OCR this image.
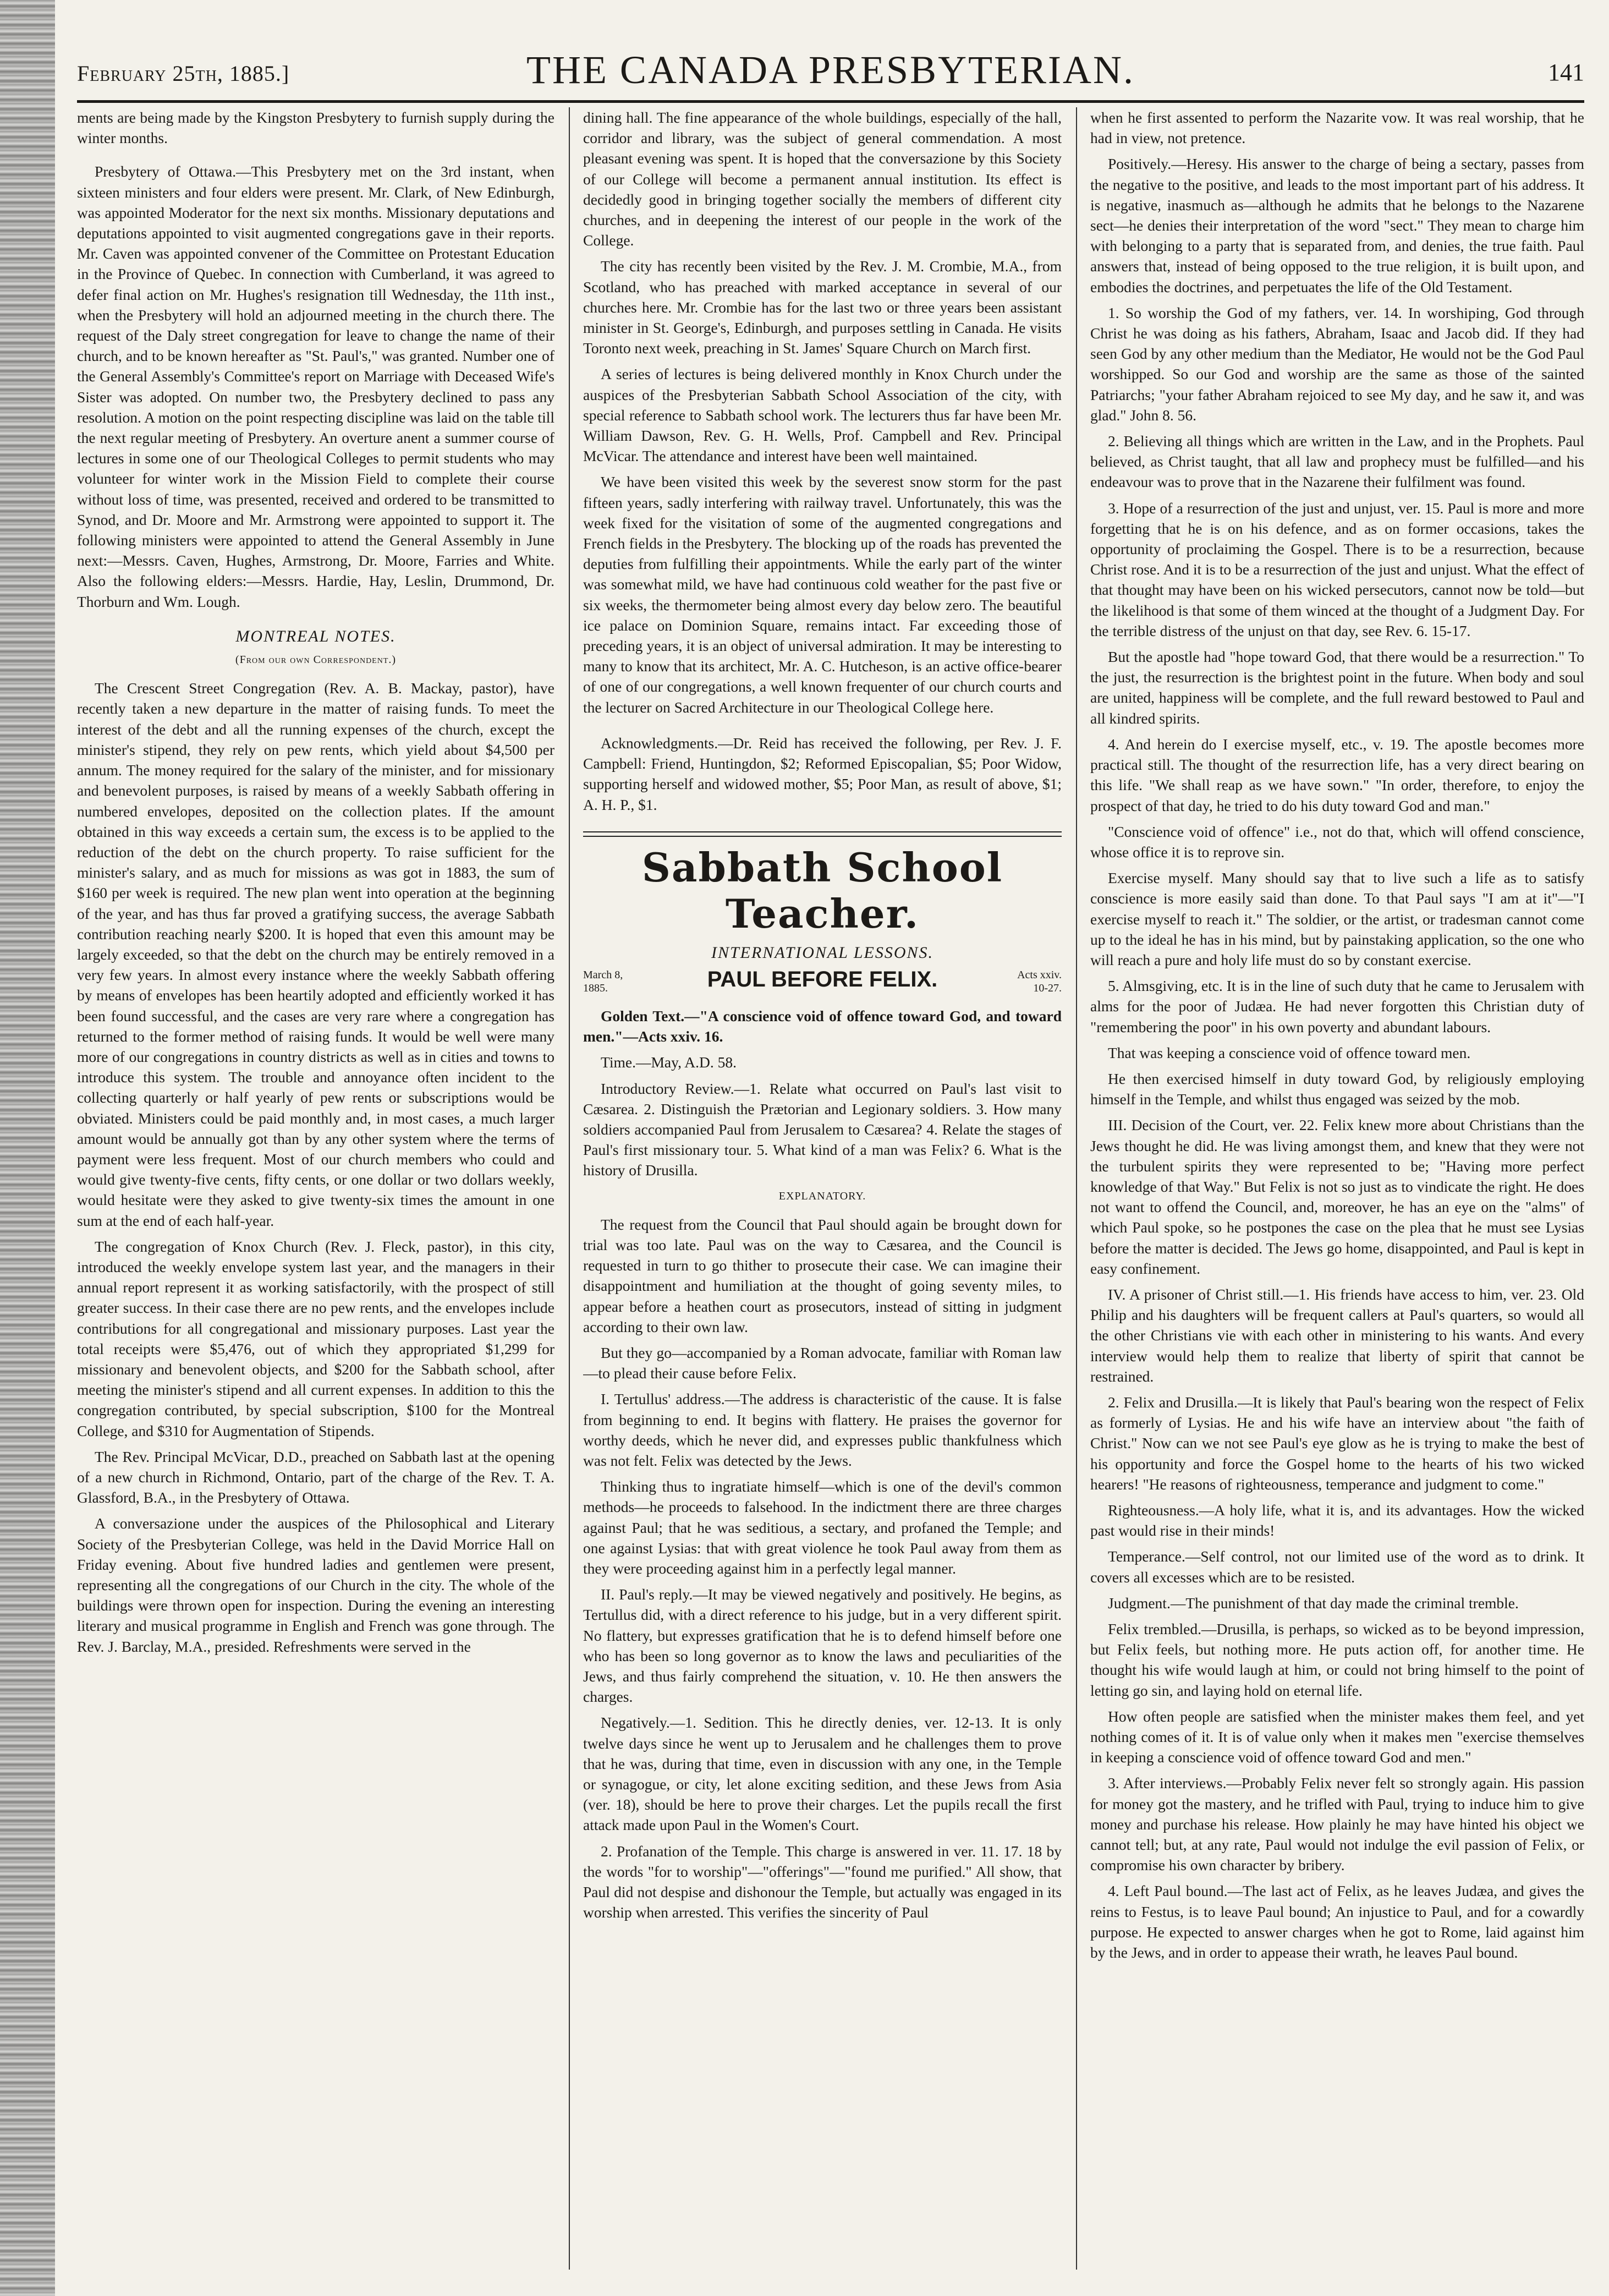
February 25th, 1885.]	THE CANADA PRESBYTERIAN.	141

ments are being made by the Kingston Presbytery to furnish supply during the winter months.

Presbytery of Ottawa.—This Presbytery met on the 3rd instant, when sixteen ministers and four elders were present. Mr. Clark, of New Edinburgh, was appointed Moderator for the next six months. Missionary deputations and deputations appointed to visit augmented congregations gave in their reports. Mr. Caven was appointed convener of the Committee on Protestant Education in the Province of Quebec. In connection with Cumberland, it was agreed to defer final action on Mr. Hughes's resignation till Wednesday, the 11th inst., when the Presbytery will hold an adjourned meeting in the church there. The request of the Daly street congregation for leave to change the name of their church, and to be known hereafter as "St. Paul's," was granted. Number one of the General Assembly's Committee's report on Marriage with Deceased Wife's Sister was adopted. On number two, the Presbytery declined to pass any resolution. A motion on the point respecting discipline was laid on the table till the next regular meeting of Presbytery. An overture anent a summer course of lectures in some one of our Theological Colleges to permit students who may volunteer for winter work in the Mission Field to complete their course without loss of time, was presented, received and ordered to be transmitted to Synod, and Dr. Moore and Mr. Armstrong were appointed to support it. The following ministers were appointed to attend the General Assembly in June next:—Messrs. Caven, Hughes, Armstrong, Dr. Moore, Farries and White. Also the following elders:—Messrs. Hardie, Hay, Leslin, Drummond, Dr. Thorburn and Wm. Lough.

MONTREAL NOTES.
(From our own Correspondent.)

The Crescent Street Congregation (Rev. A. B. Mackay, pastor), have recently taken a new departure in the matter of raising funds. To meet the interest of the debt and all the running expenses of the church, except the minister's stipend, they rely on pew rents, which yield about $4,500 per annum. The money required for the salary of the minister, and for missionary and benevolent purposes, is raised by means of a weekly Sabbath offering in numbered envelopes, deposited on the collection plates. If the amount obtained in this way exceeds a certain sum, the excess is to be applied to the reduction of the debt on the church property. To raise sufficient for the minister's salary, and as much for missions as was got in 1883, the sum of $160 per week is required. The new plan went into operation at the beginning of the year, and has thus far proved a gratifying success, the average Sabbath contribution reaching nearly $200. It is hoped that even this amount may be largely exceeded, so that the debt on the church may be entirely removed in a very few years. In almost every instance where the weekly Sabbath offering by means of envelopes has been heartily adopted and efficiently worked it has been found successful, and the cases are very rare where a congregation has returned to the former method of raising funds. It would be well were many more of our congregations in country districts as well as in cities and towns to introduce this system. The trouble and annoyance often incident to the collecting quarterly or half yearly of pew rents or subscriptions would be obviated. Ministers could be paid monthly and, in most cases, a much larger amount would be annually got than by any other system where the terms of payment were less frequent. Most of our church members who could and would give twenty-five cents, fifty cents, or one dollar or two dollars weekly, would hesitate were they asked to give twenty-six times the amount in one sum at the end of each half-year.

The congregation of Knox Church (Rev. J. Fleck, pastor), in this city, introduced the weekly envelope system last year, and the managers in their annual report represent it as working satisfactorily, with the prospect of still greater success. In their case there are no pew rents, and the envelopes include contributions for all congregational and missionary purposes. Last year the total receipts were $5,476, out of which they appropriated $1,299 for missionary and benevolent objects, and $200 for the Sabbath school, after meeting the minister's stipend and all current expenses. In addition to this the congregation contributed, by special subscription, $100 for the Montreal College, and $310 for Augmentation of Stipends.

The Rev. Principal McVicar, D.D., preached on Sabbath last at the opening of a new church in Richmond, Ontario, part of the charge of the Rev. T. A. Glassford, B.A., in the Presbytery of Ottawa.

A conversazione under the auspices of the Philosophical and Literary Society of the Presbyterian College, was held in the David Morrice Hall on Friday evening. About five hundred ladies and gentlemen were present, representing all the congregations of our Church in the city. The whole of the buildings were thrown open for inspection. During the evening an interesting literary and musical programme in English and French was gone through. The Rev. J. Barclay, M.A., presided. Refreshments were served in the

dining hall. The fine appearance of the whole buildings, especially of the hall, corridor and library, was the subject of general commendation. A most pleasant evening was spent. It is hoped that the conversazione by this Society of our College will become a permanent annual institution. Its effect is decidedly good in bringing together socially the members of different city churches, and in deepening the interest of our people in the work of the College.

The city has recently been visited by the Rev. J. M. Crombie, M.A., from Scotland, who has preached with marked acceptance in several of our churches here. Mr. Crombie has for the last two or three years been assistant minister in St. George's, Edinburgh, and purposes settling in Canada. He visits Toronto next week, preaching in St. James' Square Church on March first.

A series of lectures is being delivered monthly in Knox Church under the auspices of the Presbyterian Sabbath School Association of the city, with special reference to Sabbath school work. The lecturers thus far have been Mr. William Dawson, Rev. G. H. Wells, Prof. Campbell and Rev. Principal McVicar. The attendance and interest have been well maintained.

We have been visited this week by the severest snow storm for the past fifteen years, sadly interfering with railway travel. Unfortunately, this was the week fixed for the visitation of some of the augmented congregations and French fields in the Presbytery. The blocking up of the roads has prevented the deputies from fulfilling their appointments. While the early part of the winter was somewhat mild, we have had continuous cold weather for the past five or six weeks, the thermometer being almost every day below zero. The beautiful ice palace on Dominion Square, remains intact. Far exceeding those of preceding years, it is an object of universal admiration. It may be interesting to many to know that its architect, Mr. A. C. Hutcheson, is an active office-bearer of one of our congregations, a well known frequenter of our church courts and the lecturer on Sacred Architecture in our Theological College here.

Acknowledgments.—Dr. Reid has received the following, per Rev. J. F. Campbell: Friend, Huntingdon, $2; Reformed Episcopalian, $5; Poor Widow, supporting herself and widowed mother, $5; Poor Man, as result of above, $1; A. H. P., $1.

Sabbath School Teacher.
INTERNATIONAL LESSONS.
March 8,
1885.	PAUL BEFORE FELIX.	Acts xxiv.
10-27.

Golden Text.—"A conscience void of offence toward God, and toward men."—Acts xxiv. 16.

Time.—May, A.D. 58.

Introductory Review.—1. Relate what occurred on Paul's last visit to Cæsarea. 2. Distinguish the Prætorian and Legionary soldiers. 3. How many soldiers accompanied Paul from Jerusalem to Cæsarea? 4. Relate the stages of Paul's first missionary tour. 5. What kind of a man was Felix? 6. What is the history of Drusilla.

EXPLANATORY.

The request from the Council that Paul should again be brought down for trial was too late. Paul was on the way to Cæsarea, and the Council is requested in turn to go thither to prosecute their case. We can imagine their disappointment and humiliation at the thought of going seventy miles, to appear before a heathen court as prosecutors, instead of sitting in judgment according to their own law.

But they go—accompanied by a Roman advocate, familiar with Roman law—to plead their cause before Felix.

I. Tertullus' address.—The address is characteristic of the cause. It is false from beginning to end. It begins with flattery. He praises the governor for worthy deeds, which he never did, and expresses public thankfulness which was not felt. Felix was detected by the Jews.

Thinking thus to ingratiate himself—which is one of the devil's common methods—he proceeds to falsehood. In the indictment there are three charges against Paul; that he was seditious, a sectary, and profaned the Temple; and one against Lysias: that with great violence he took Paul away from them as they were proceeding against him in a perfectly legal manner.

II. Paul's reply.—It may be viewed negatively and positively. He begins, as Tertullus did, with a direct reference to his judge, but in a very different spirit. No flattery, but expresses gratification that he is to defend himself before one who has been so long governor as to know the laws and peculiarities of the Jews, and thus fairly comprehend the situation, v. 10. He then answers the charges.

Negatively.—1. Sedition. This he directly denies, ver. 12-13. It is only twelve days since he went up to Jerusalem and he challenges them to prove that he was, during that time, even in discussion with any one, in the Temple or synagogue, or city, let alone exciting sedition, and these Jews from Asia (ver. 18), should be here to prove their charges. Let the pupils recall the first attack made upon Paul in the Women's Court.

2. Profanation of the Temple. This charge is answered in ver. 11. 17. 18 by the words "for to worship"—"offerings"—"found me purified." All show, that Paul did not despise and dishonour the Temple, but actually was engaged in its worship when arrested. This verifies the sincerity of Paul

when he first assented to perform the Nazarite vow. It was real worship, that he had in view, not pretence.

Positively.—Heresy. His answer to the charge of being a sectary, passes from the negative to the positive, and leads to the most important part of his address. It is negative, inasmuch as—although he admits that he belongs to the Nazarene sect—he denies their interpretation of the word "sect." They mean to charge him with belonging to a party that is separated from, and denies, the true faith. Paul answers that, instead of being opposed to the true religion, it is built upon, and embodies the doctrines, and perpetuates the life of the Old Testament.

1. So worship the God of my fathers, ver. 14. In worshiping, God through Christ he was doing as his fathers, Abraham, Isaac and Jacob did. If they had seen God by any other medium than the Mediator, He would not be the God Paul worshipped. So our God and worship are the same as those of the sainted Patriarchs; "your father Abraham rejoiced to see My day, and he saw it, and was glad." John 8. 56.

2. Believing all things which are written in the Law, and in the Prophets. Paul believed, as Christ taught, that all law and prophecy must be fulfilled—and his endeavour was to prove that in the Nazarene their fulfilment was found.

3. Hope of a resurrection of the just and unjust, ver. 15. Paul is more and more forgetting that he is on his defence, and as on former occasions, takes the opportunity of proclaiming the Gospel. There is to be a resurrection, because Christ rose. And it is to be a resurrection of the just and unjust. What the effect of that thought may have been on his wicked persecutors, cannot now be told—but the likelihood is that some of them winced at the thought of a Judgment Day. For the terrible distress of the unjust on that day, see Rev. 6. 15-17.

But the apostle had "hope toward God, that there would be a resurrection." To the just, the resurrection is the brightest point in the future. When body and soul are united, happiness will be complete, and the full reward bestowed to Paul and all kindred spirits.

4. And herein do I exercise myself, etc., v. 19. The apostle becomes more practical still. The thought of the resurrection life, has a very direct bearing on this life. "We shall reap as we have sown." "In order, therefore, to enjoy the prospect of that day, he tried to do his duty toward God and man."

"Conscience void of offence" i.e., not do that, which will offend conscience, whose office it is to reprove sin.

Exercise myself. Many should say that to live such a life as to satisfy conscience is more easily said than done. To that Paul says "I am at it"—"I exercise myself to reach it." The soldier, or the artist, or tradesman cannot come up to the ideal he has in his mind, but by painstaking application, so the one who will reach a pure and holy life must do so by constant exercise.

5. Almsgiving, etc. It is in the line of such duty that he came to Jerusalem with alms for the poor of Judæa. He had never forgotten this Christian duty of "remembering the poor" in his own poverty and abundant labours.

That was keeping a conscience void of offence toward men.

He then exercised himself in duty toward God, by religiously employing himself in the Temple, and whilst thus engaged was seized by the mob.

III. Decision of the Court, ver. 22. Felix knew more about Christians than the Jews thought he did. He was living amongst them, and knew that they were not the turbulent spirits they were represented to be; "Having more perfect knowledge of that Way." But Felix is not so just as to vindicate the right. He does not want to offend the Council, and, moreover, he has an eye on the "alms" of which Paul spoke, so he postpones the case on the plea that he must see Lysias before the matter is decided. The Jews go home, disappointed, and Paul is kept in easy confinement.

IV. A prisoner of Christ still.—1. His friends have access to him, ver. 23. Old Philip and his daughters will be frequent callers at Paul's quarters, so would all the other Christians vie with each other in ministering to his wants. And every interview would help them to realize that liberty of spirit that cannot be restrained.

2. Felix and Drusilla.—It is likely that Paul's bearing won the respect of Felix as formerly of Lysias. He and his wife have an interview about "the faith of Christ." Now can we not see Paul's eye glow as he is trying to make the best of his opportunity and force the Gospel home to the hearts of his two wicked hearers! "He reasons of righteousness, temperance and judgment to come."

Righteousness.—A holy life, what it is, and its advantages. How the wicked past would rise in their minds!

Temperance.—Self control, not our limited use of the word as to drink. It covers all excesses which are to be resisted.

Judgment.—The punishment of that day made the criminal tremble.

Felix trembled.—Drusilla, is perhaps, so wicked as to be beyond impression, but Felix feels, but nothing more. He puts action off, for another time. He thought his wife would laugh at him, or could not bring himself to the point of letting go sin, and laying hold on eternal life.

How often people are satisfied when the minister makes them feel, and yet nothing comes of it. It is of value only when it makes men "exercise themselves in keeping a conscience void of offence toward God and men."

3. After interviews.—Probably Felix never felt so strongly again. His passion for money got the mastery, and he trifled with Paul, trying to induce him to give money and purchase his release. How plainly he may have hinted his object we cannot tell; but, at any rate, Paul would not indulge the evil passion of Felix, or compromise his own character by bribery.

4. Left Paul bound.—The last act of Felix, as he leaves Judæa, and gives the reins to Festus, is to leave Paul bound; An injustice to Paul, and for a cowardly purpose. He expected to answer charges when he got to Rome, laid against him by the Jews, and in order to appease their wrath, he leaves Paul bound.
